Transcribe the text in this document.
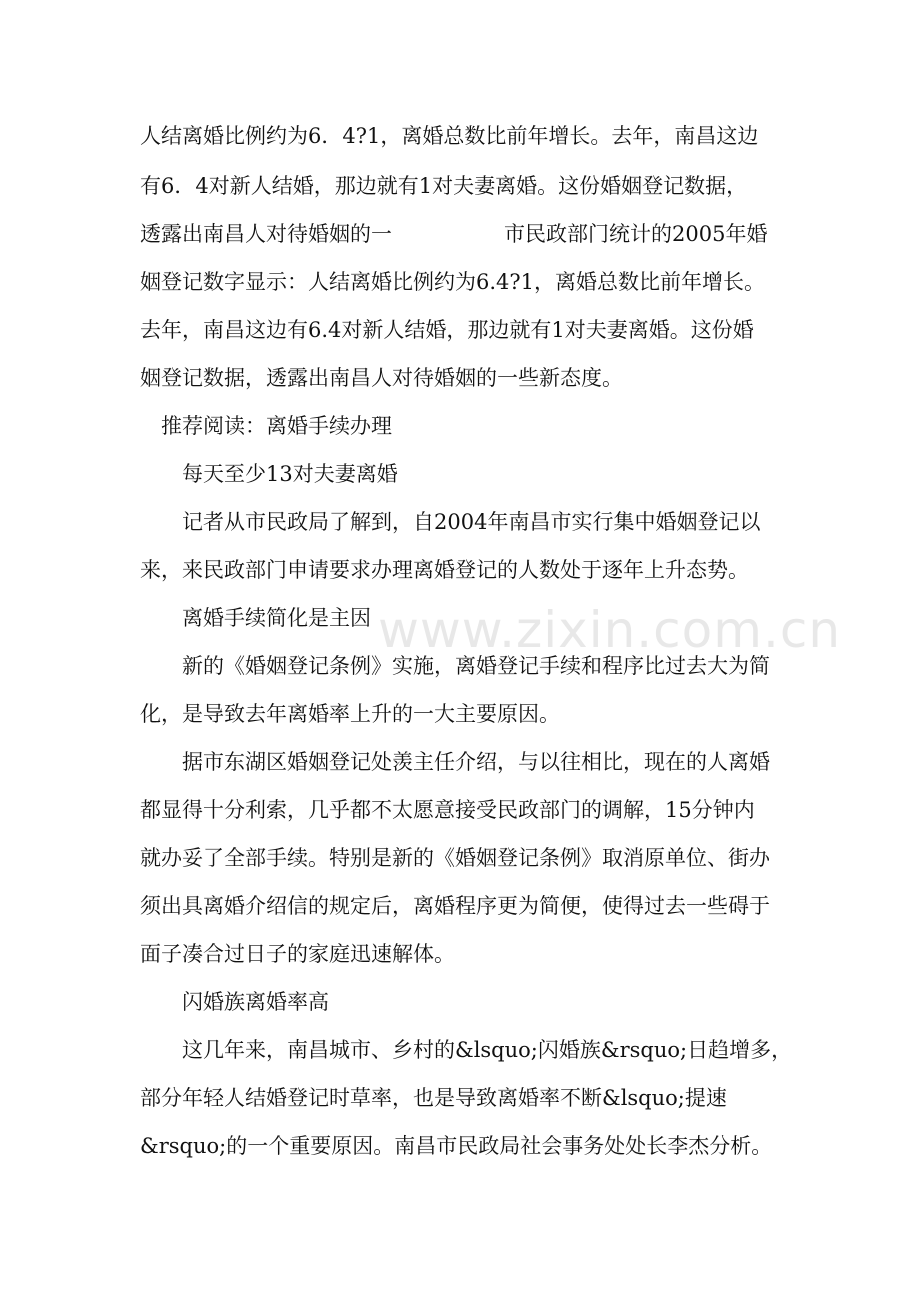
人结离婚比例约为6．4?1，离婚总数比前年增长。去年，南昌这边
有6．4对新人结婚，那边就有1对夫妻离婚。这份婚姻登记数据，
透露出南昌人对待婚姻的一	市民政部门统计的2005年婚
姻登记数字显示：人结离婚比例约为6.4?1，离婚总数比前年增长。
去年，南昌这边有6.4对新人结婚，那边就有1对夫妻离婚。这份婚
姻登记数据，透露出南昌人对待婚姻的一些新态度。
推荐阅读：离婚手续办理
每天至少13对夫妻离婚
记者从市民政局了解到，自2004年南昌市实行集中婚姻登记以
来，来民政部门申请要求办理离婚登记的人数处于逐年上升态势。
离婚手续简化是主因
新的《婚姻登记条例》实施，离婚登记手续和程序比过去大为简
化，是导致去年离婚率上升的一大主要原因。
据市东湖区婚姻登记处羡主任介绍，与以往相比，现在的人离婚
都显得十分利索，几乎都不太愿意接受民政部门的调解，15分钟内
就办妥了全部手续。特别是新的《婚姻登记条例》取消原单位、街办
须出具离婚介绍信的规定后，离婚程序更为简便，使得过去一些碍于
面子凑合过日子的家庭迅速解体。
闪婚族离婚率高
这几年来，南昌城市、乡村的&lsquo;闪婚族&rsquo;日趋增多，
部分年轻人结婚登记时草率，也是导致离婚率不断&lsquo;提速
&rsquo;的一个重要原因。南昌市民政局社会事务处处长李杰分析。
www.zixin.com.cn
